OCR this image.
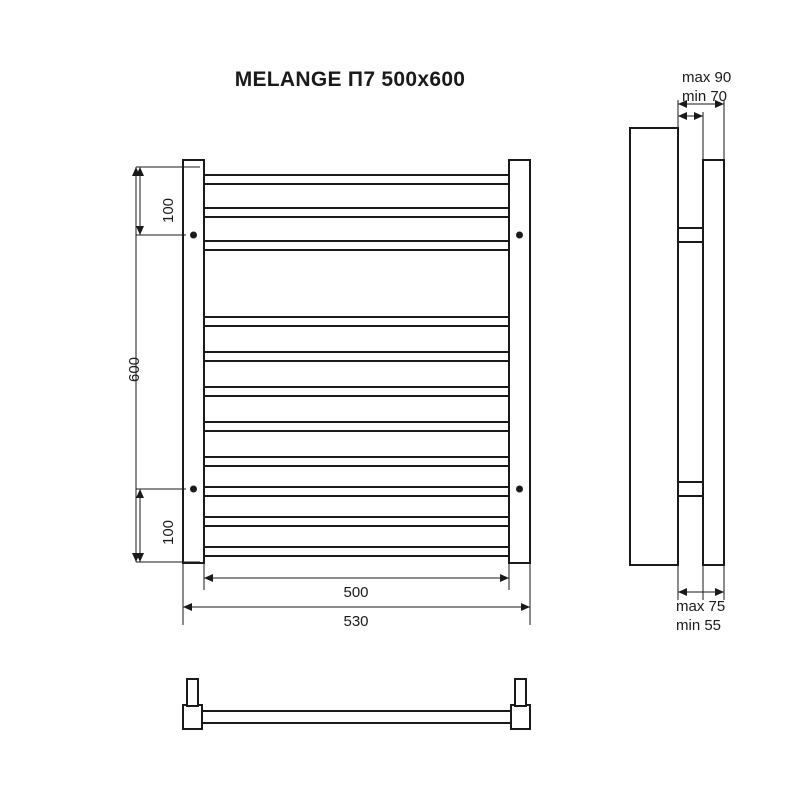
MELANGE П7 500x600
100
600
100
500
530
max 90
min 70
max 75
min 55
